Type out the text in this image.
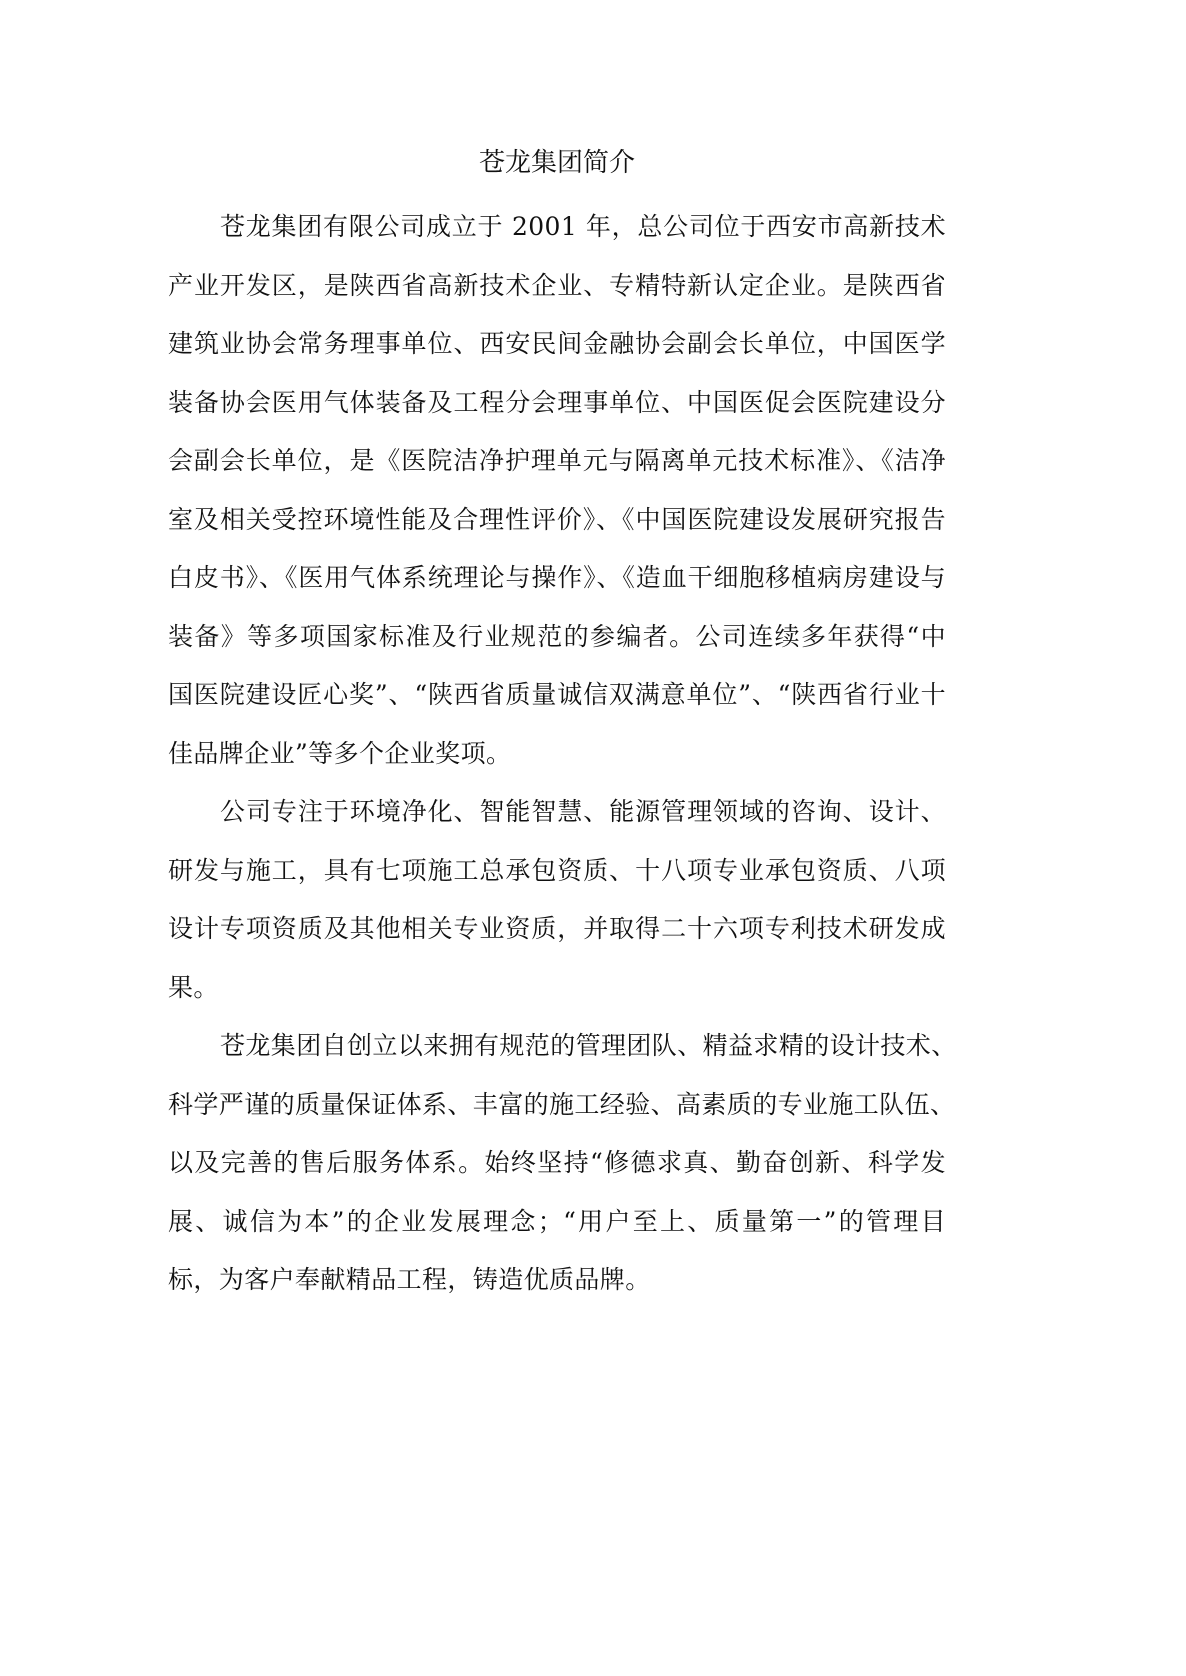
苍龙集团简介
苍龙集团有限公司成立于 2001 年，总公司位于西安市高新技术
产业开发区，是陕西省高新技术企业、专精特新认定企业。是陕西省
建筑业协会常务理事单位、西安民间金融协会副会长单位，中国医学
装备协会医用气体装备及工程分会理事单位、中国医促会医院建设分
会副会长单位，是《医院洁净护理单元与隔离单元技术标准》、《洁净
室及相关受控环境性能及合理性评价》、《中国医院建设发展研究报告
白皮书》、《医用气体系统理论与操作》、《造血干细胞移植病房建设与
装备》等多项国家标准及行业规范的参编者。公司连续多年获得“中
国医院建设匠心奖”、“陕西省质量诚信双满意单位”、“陕西省行业十
佳品牌企业”等多个企业奖项。
公司专注于环境净化、智能智慧、能源管理领域的咨询、设计、
研发与施工，具有七项施工总承包资质、十八项专业承包资质、八项
设计专项资质及其他相关专业资质，并取得二十六项专利技术研发成
果。
苍龙集团自创立以来拥有规范的管理团队、精益求精的设计技术、
科学严谨的质量保证体系、丰富的施工经验、高素质的专业施工队伍、
以及完善的售后服务体系。始终坚持“修德求真、勤奋创新、科学发
展、诚信为本”的企业发展理念；“用户至上、质量第一”的管理目
标，为客户奉献精品工程，铸造优质品牌。
